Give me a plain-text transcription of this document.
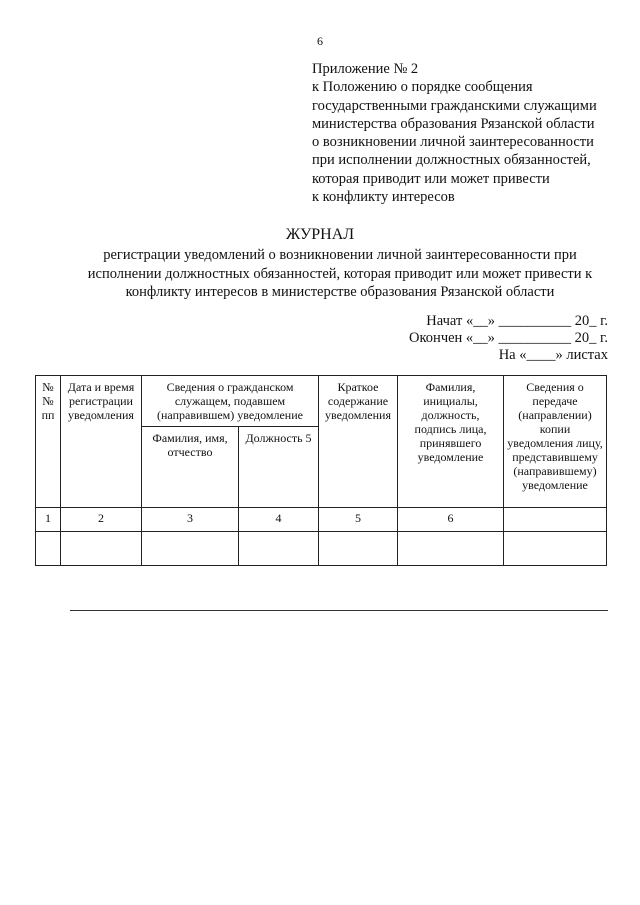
6
Приложение № 2
к Положению о порядке сообщения
государственными гражданскими служащими
министерства образования Рязанской области
о возникновении личной заинтересованности
при исполнении должностных обязанностей,
которая приводит или может привести
к конфликту интересов
ЖУРНАЛ
регистрации уведомлений о возникновении личной заинтересованности при
исполнении должностных обязанностей, которая приводит или может привести к
конфликту интересов в министерстве образования Рязанской области
Начат «__» __________ 20_ г.
Окончен «__» __________ 20_ г.
На «____» листах
№ № пп	Дата и время регистрации уведомления	Сведения о гражданском служащем, подавшем (направившем) уведомление		Краткое содержание уведомления	Фамилия, инициалы, должность, подпись лица, принявшего уведомление	Сведения о передаче (направлении) копии уведомления лицу, представившему (направившему) уведомление
		Фамилия, имя, отчество	Должность 5			
1	2	3	4	5	6	
